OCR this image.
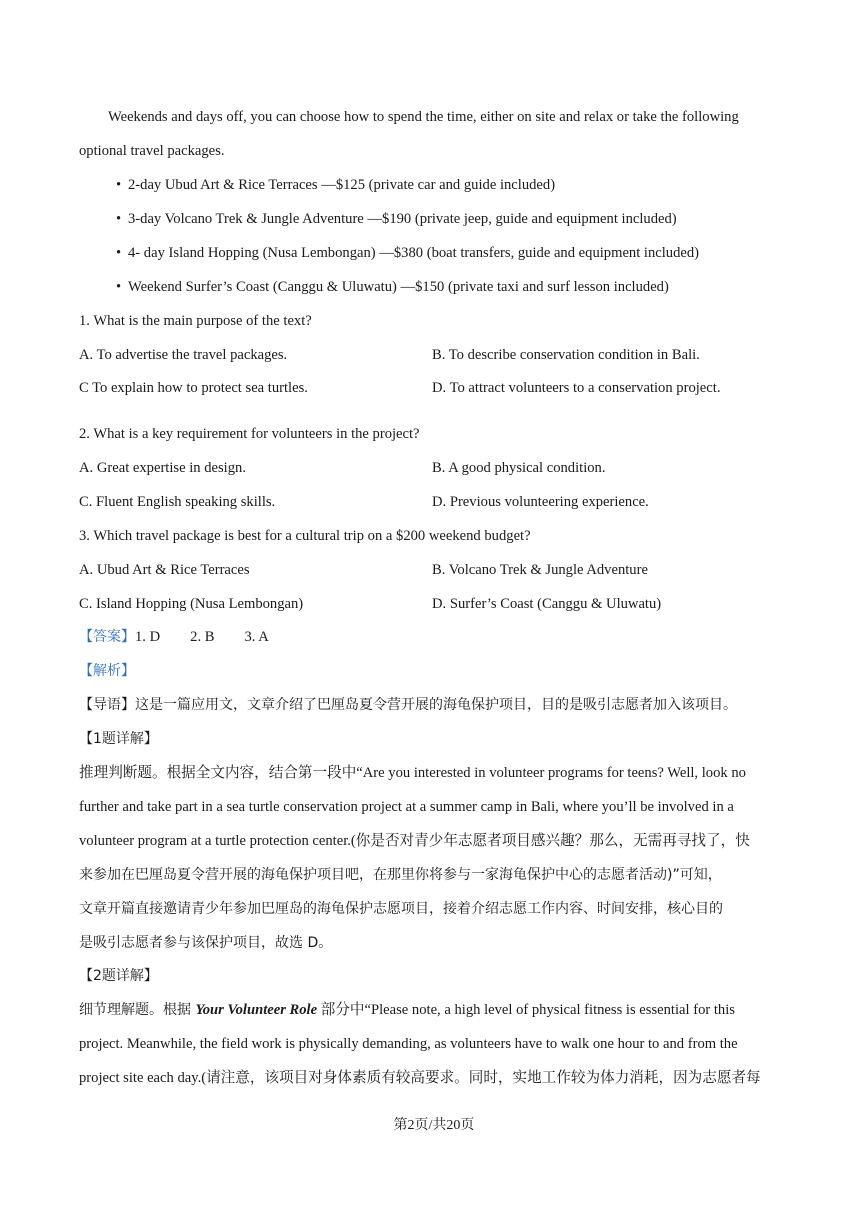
Weekends and days off, you can choose how to spend the time, either on site and relax or take the following
optional travel packages.
• 2-day Ubud Art & Rice Terraces —$125 (private car and guide included)
• 3-day Volcano Trek & Jungle Adventure —$190 (private jeep, guide and equipment included)
• 4- day Island Hopping (Nusa Lembongan) —$380 (boat transfers, guide and equipment included)
• Weekend Surfer’s Coast (Canggu & Uluwatu) —$150 (private taxi and surf lesson included)
1. What is the main purpose of the text?
A. To advertise the travel packages.	B. To describe conservation condition in Bali.
C To explain how to protect sea turtles.	D. To attract volunteers to a conservation project.
2. What is a key requirement for volunteers in the project?
A. Great expertise in design.	B. A good physical condition.
C. Fluent English speaking skills.	D. Previous volunteering experience.
3. Which travel package is best for a cultural trip on a $200 weekend budget?
A. Ubud Art & Rice Terraces	B. Volcano Trek & Jungle Adventure
C. Island Hopping (Nusa Lembongan)	D. Surfer’s Coast (Canggu & Uluwatu)
【答案】1. D 2. B 3. A
【解析】
【导语】这是一篇应用文，文章介绍了巴厘岛夏令营开展的海龟保护项目，目的是吸引志愿者加入该项目。
【1题详解】
推理判断题。根据全文内容，结合第一段中“Are you interested in volunteer programs for teens? Well, look no
further and take part in a sea turtle conservation project at a summer camp in Bali, where you’ll be involved in a
volunteer program at a turtle protection center.(你是否对青少年志愿者项目感兴趣？那么，无需再寻找了，快
来参加在巴厘岛夏令营开展的海龟保护项目吧，在那里你将参与一家海龟保护中心的志愿者活动)”可知，
文章开篇直接邀请青少年参加巴厘岛的海龟保护志愿项目，接着介绍志愿工作内容、时间安排，核心目的
是吸引志愿者参与该保护项目，故选 D。
【2题详解】
细节理解题。根据 Your Volunteer Role 部分中“Please note, a high level of physical fitness is essential for this
project. Meanwhile, the field work is physically demanding, as volunteers have to walk one hour to and from the
project site each day.(请注意，该项目对身体素质有较高要求。同时，实地工作较为体力消耗，因为志愿者每
第2页/共20页
